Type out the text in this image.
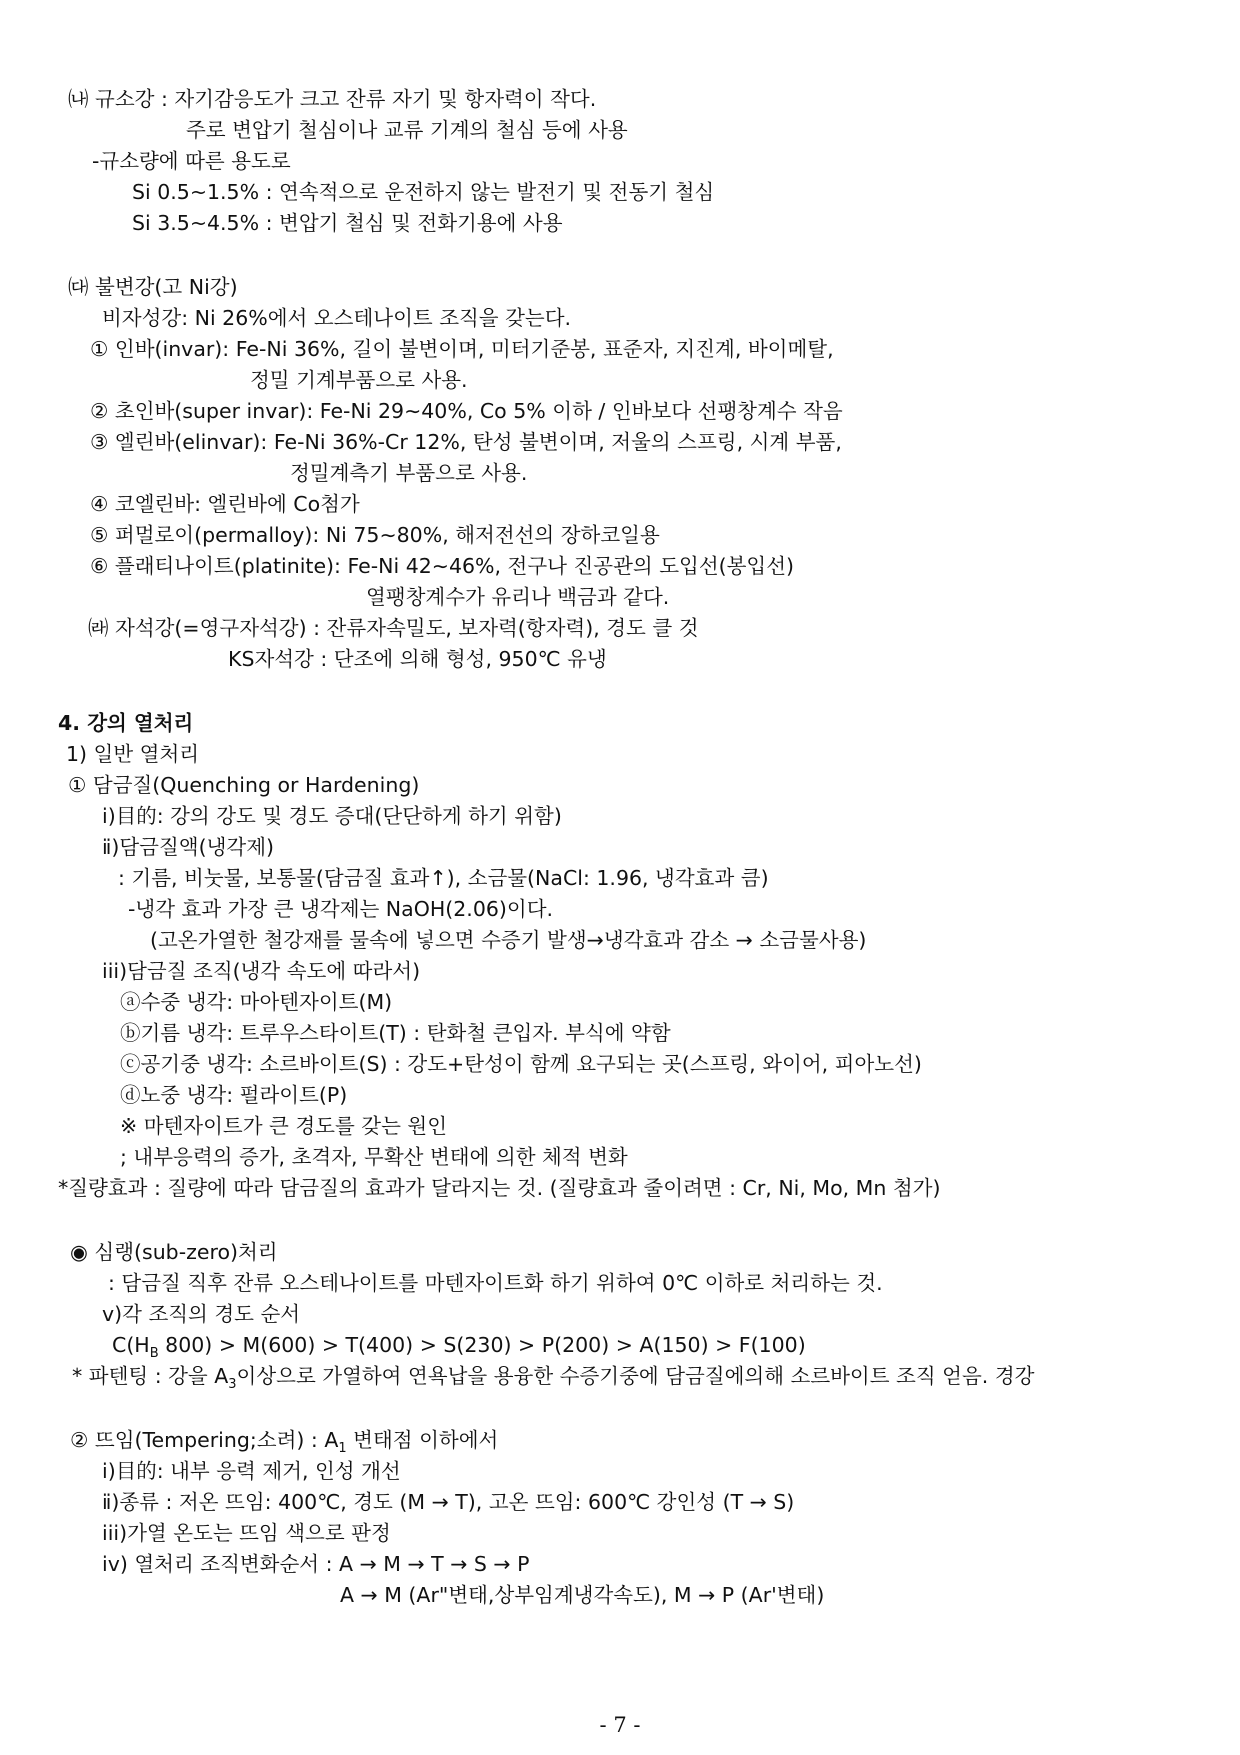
㈏ 규소강 : 자기감응도가 크고 잔류 자기 및 항자력이 작다.
주로 변압기 철심이나 교류 기계의 철심 등에 사용
-규소량에 따른 용도로
Si 0.5~1.5% : 연속적으로 운전하지 않는 발전기 및 전동기 철심
Si 3.5~4.5% : 변압기 철심 및 전화기용에 사용
㈐ 불변강(고 Ni강)
비자성강: Ni 26%에서 오스테나이트 조직을 갖는다.
① 인바(invar): Fe-Ni 36%, 길이 불변이며, 미터기준봉, 표준자, 지진계, 바이메탈,
정밀 기계부품으로 사용.
② 초인바(super invar): Fe-Ni 29∼40%, Co 5% 이하 / 인바보다 선팽창계수 작음
③ 엘린바(elinvar): Fe-Ni 36%-Cr 12%, 탄성 불변이며, 저울의 스프링, 시계 부품,
정밀계측기 부품으로 사용.
④ 코엘린바: 엘린바에 Co첨가
⑤ 퍼멀로이(permalloy): Ni 75∼80%, 해저전선의 장하코일용
⑥ 플래티나이트(platinite): Fe-Ni 42∼46%, 전구나 진공관의 도입선(봉입선)
열팽창계수가 유리나 백금과 같다.
㈑ 자석강(=영구자석강) : 잔류자속밀도, 보자력(항자력), 경도 클 것
KS자석강 : 단조에 의해 형성, 950℃ 유냉
4. 강의 열처리
1) 일반 열처리
① 담금질(Quenching or Hardening)
ⅰ)目的: 강의 강도 및 경도 증대(단단하게 하기 위함)
ⅱ)담금질액(냉각제)
: 기름, 비눗물, 보통물(담금질 효과↑), 소금물(NaCl: 1.96, 냉각효과 큼)
-냉각 효과 가장 큰 냉각제는 NaOH(2.06)이다.
(고온가열한 철강재를 물속에 넣으면 수증기 발생→냉각효과 감소 → 소금물사용)
iii)담금질 조직(냉각 속도에 따라서)
ⓐ수중 냉각: 마아텐자이트(M)
ⓑ기름 냉각: 트루우스타이트(T) : 탄화철 큰입자. 부식에 약함
ⓒ공기중 냉각: 소르바이트(S) : 강도+탄성이 함께 요구되는 곳(스프링, 와이어, 피아노선)
ⓓ노중 냉각: 펄라이트(P)
※ 마텐자이트가 큰 경도를 갖는 원인
; 내부응력의 증가, 초격자, 무확산 변태에 의한 체적 변화
*질량효과 : 질량에 따라 담금질의 효과가 달라지는 것. (질량효과 줄이려면 : Cr, Ni, Mo, Mn 첨가)
◉ 심랭(sub-zero)처리
: 담금질 직후 잔류 오스테나이트를 마텐자이트화 하기 위하여 0℃ 이하로 처리하는 것.
ⅴ)각 조직의 경도 순서
$C(H_B$ 800) > M(600) > T(400) > S(230) > P(200) > A(150) > F(100)
* 파텐팅 : 강을 $A_3$이상으로 가열하여 연욕납을 용융한 수증기중에 담금질에의해 소르바이트 조직 얻음. 경강
② 뜨임(Tempering;소려) : $A_1$ 변태점 이하에서
ⅰ)目的: 내부 응력 제거, 인성 개선
ⅱ)종류 : 저온 뜨임: 400℃, 경도 (M → T), 고온 뜨임: 600℃ 강인성 (T → S)
iii)가열 온도는 뜨임 색으로 판정
iv) 열처리 조직변화순서 : A → M → T → S → P
A → M (Ar"변태,상부임계냉각속도), M → P (Ar'변태)
- 7 -
